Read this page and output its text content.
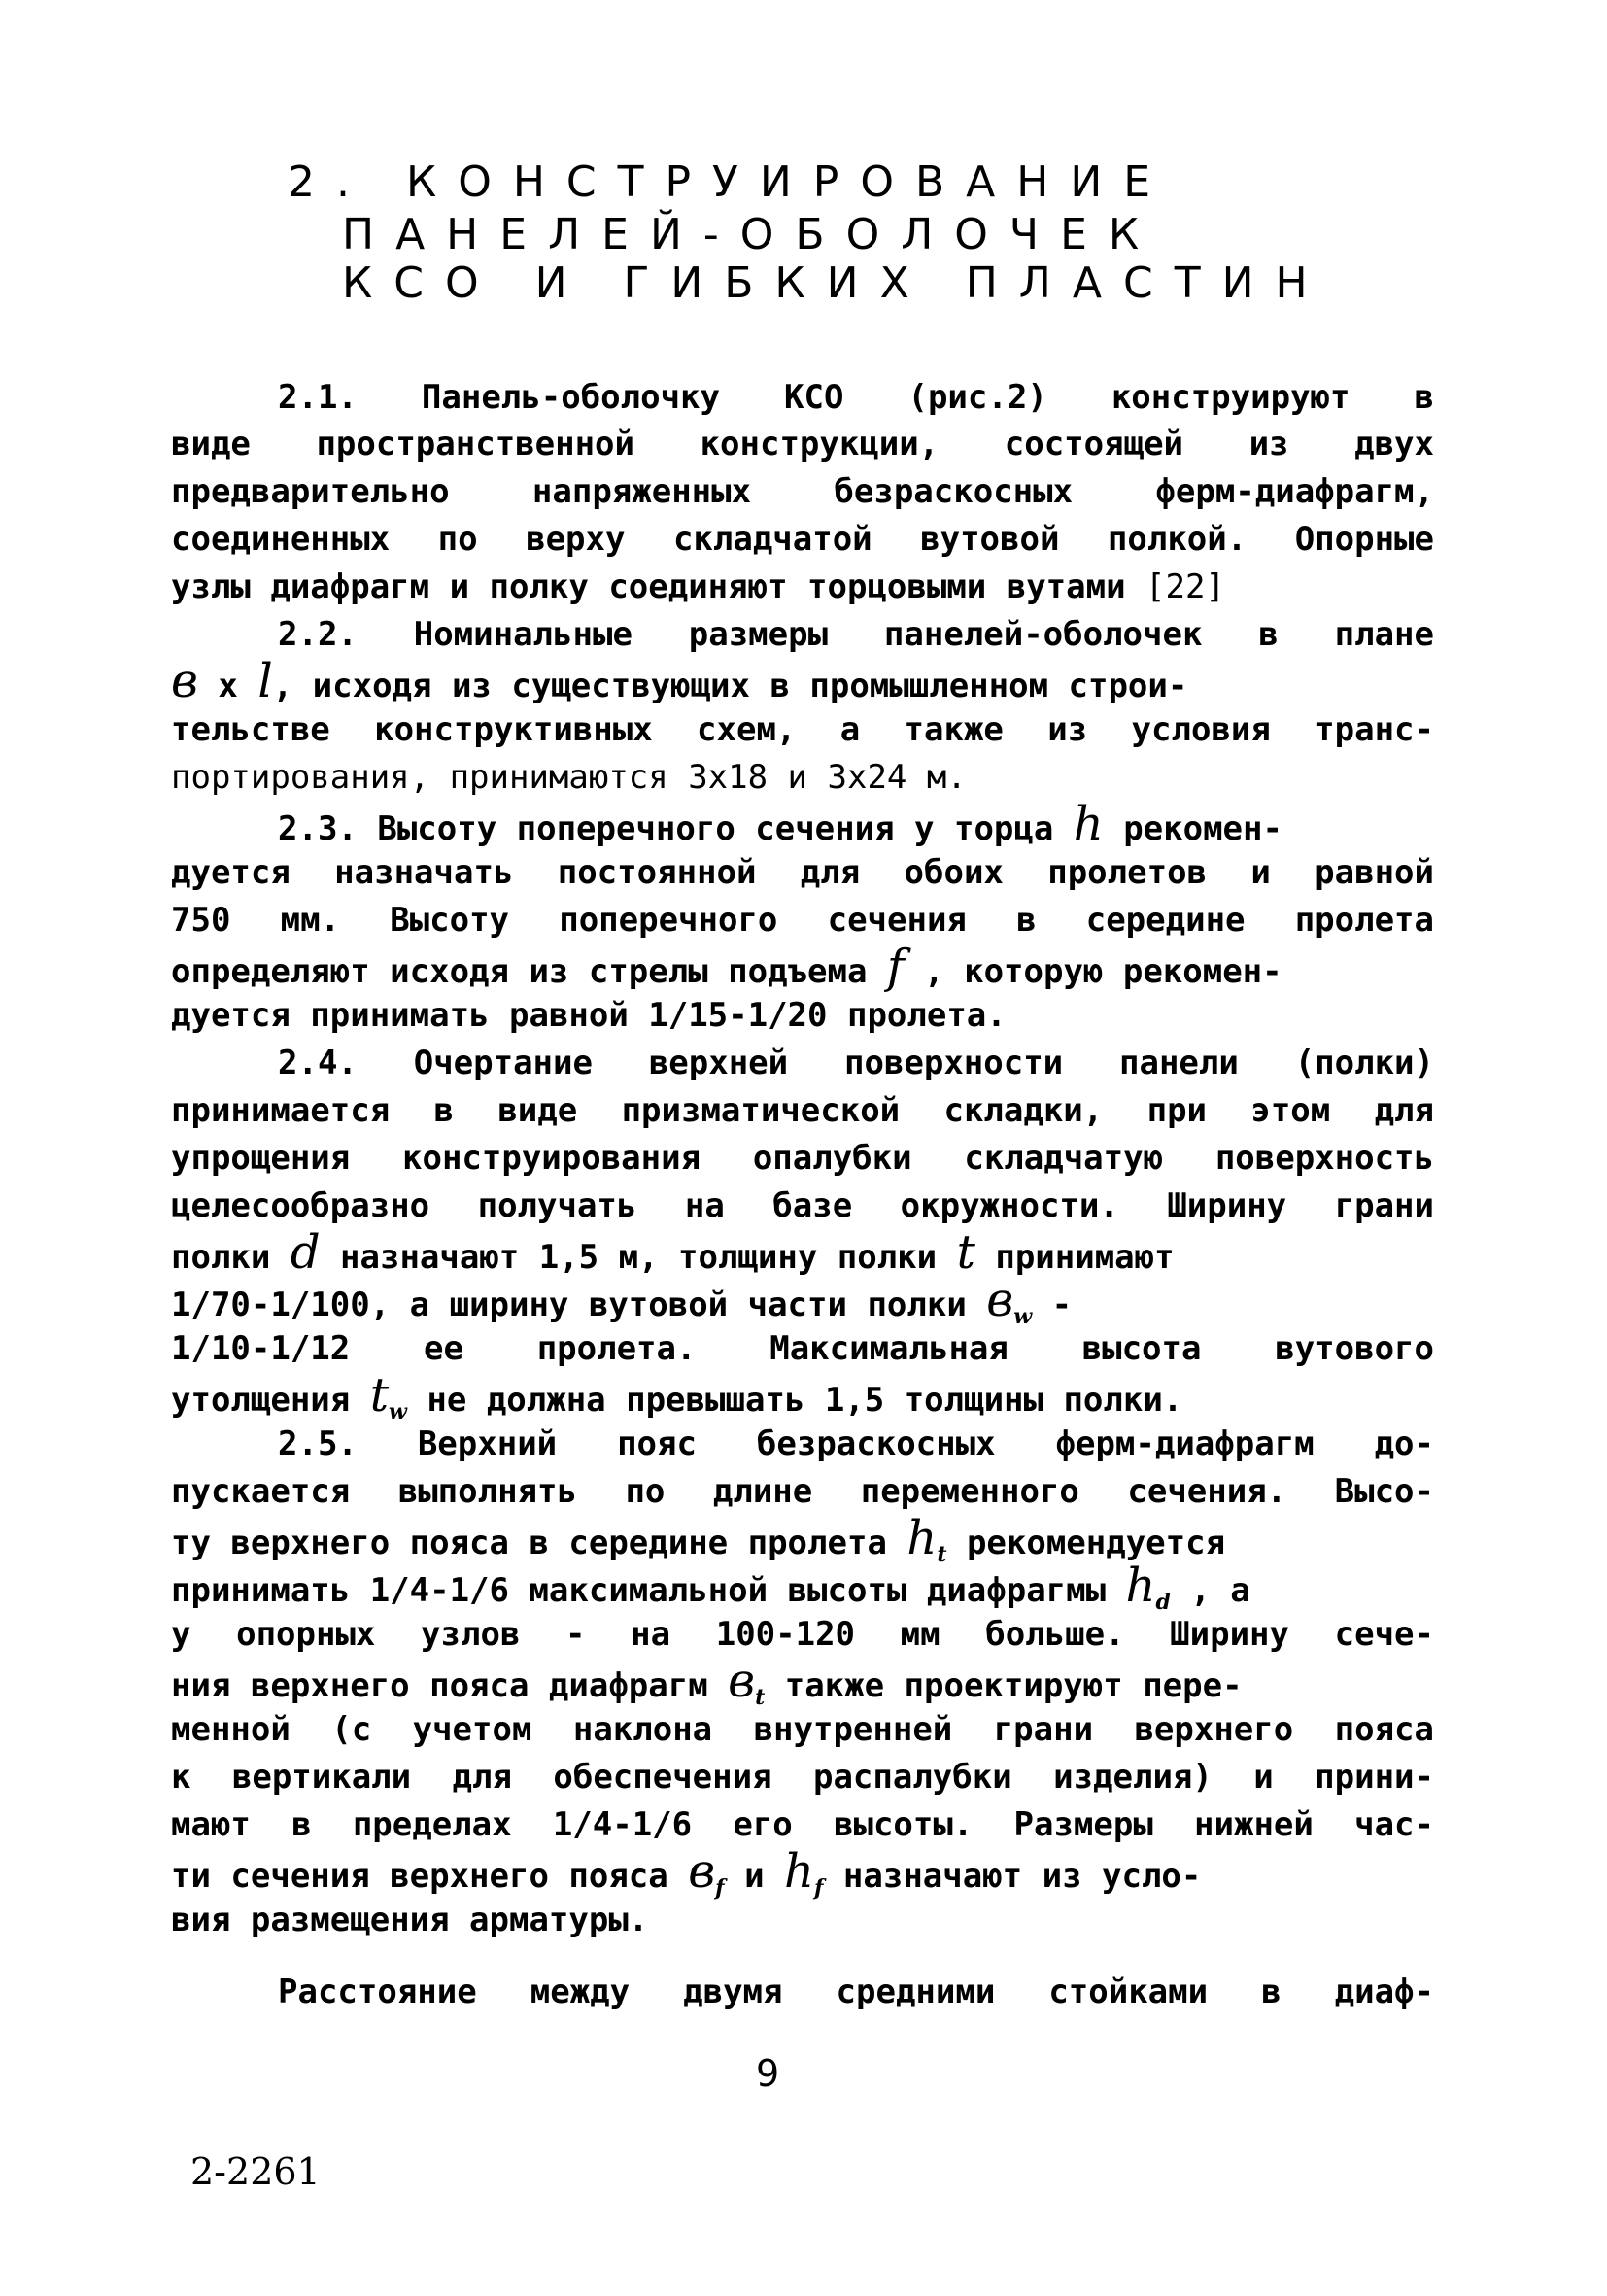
2. КОНСТРУИРОВАНИЕ
ПАНЕЛЕЙ-ОБОЛОЧЕК
КСО И ГИБКИХ ПЛАСТИН
2.1. Панель-оболочку КСО (рис.2) конструируют в
виде пространственной конструкции, состоящей из двух
предварительно напряженных безраскосных ферм-диафрагм,
соединенных по верху складчатой вутовой полкой. Опорные
узлы диафрагм и полку соединяют торцовыми вутами [22]
2.2. Номинальные размеры панелей-оболочек в плане
в х l, исходя из существующих в промышленном строи-
тельстве конструктивных схем, а также из условия транс-
портирования, принимаются 3х18 и 3х24 м.
2.3. Высоту поперечного сечения у торца h рекомен-
дуется назначать постоянной для обоих пролетов и равной
750 мм. Высоту поперечного сечения в середине пролета
определяют исходя из стрелы подъема f , которую рекомен-
дуется принимать равной 1/15-1/20 пролета.
2.4. Очертание верхней поверхности панели (полки)
принимается в виде призматической складки, при этом для
упрощения конструирования опалубки складчатую поверхность
целесообразно получать на базе окружности. Ширину грани
полки d назначают 1,5 м, толщину полки t принимают
1/70-1/100, а ширину вутовой части полки $в_w$ -
1/10-1/12 ее пролета. Максимальная высота вутового
утолщения $t_w$ не должна превышать 1,5 толщины полки.
2.5. Верхний пояс безраскосных ферм-диафрагм до-
пускается выполнять по длине переменного сечения. Высо-
ту верхнего пояса в середине пролета $h_t$ рекомендуется
принимать 1/4-1/6 максимальной высоты диафрагмы $h_d$ , а
у опорных узлов - на 100-120 мм больше. Ширину сече-
ния верхнего пояса диафрагм $в_t$ также проектируют пере-
менной (с учетом наклона внутренней грани верхнего пояса
к вертикали для обеспечения распалубки изделия) и прини-
мают в пределах 1/4-1/6 его высоты. Размеры нижней час-
ти сечения верхнего пояса $в_f$ и $h_f$ назначают из усло-
вия размещения арматуры.
Расстояние между двумя средними стойками в диаф-
9
2-2261
